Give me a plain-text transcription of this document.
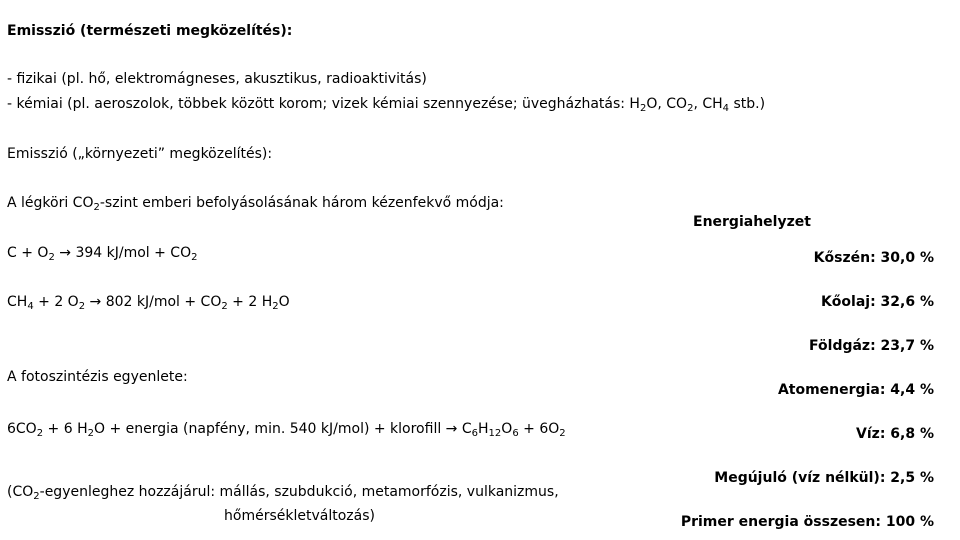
Emisszió (természeti megközelítés):
- fizikai (pl. hő, elektromágneses, akusztikus, radioaktivitás)
- kémiai (pl. aeroszolok, többek között korom; vizek kémiai szennyezése; üvegházhatás: $H_2O$, $CO_2$, $CH_4$ stb.)
Emisszió („környezeti” megközelítés):
A légköri $CO_2$-szint emberi befolyásolásának három kézenfekvő módja:
$C + O_2 \to 394$ $kJ/mol + CO_2$
$CH_4 + 2$ $O_2 \to 802$ $kJ/mol + CO_2 + 2$ $H_2O$
A fotoszintézis egyenlete:
$6CO_2 + 6$ $H_2O$ + energia (napfény, min. 540 kJ/mol) + klorofill → $C_6H_{12}O_6 + 6O_2$
($CO_2$-egyenleghez hozzájárul: mállás, szubdukció, metamorfózis, vulkanizmus,
hőmérsékletváltozás)
Energiahelyzet
Kőszén: 30,0 %
Kőolaj: 32,6 %
Földgáz: 23,7 %
Atomenergia: 4,4 %
Víz: 6,8 %
Megújuló (víz nélkül): 2,5 %
Primer energia összesen: 100 %
